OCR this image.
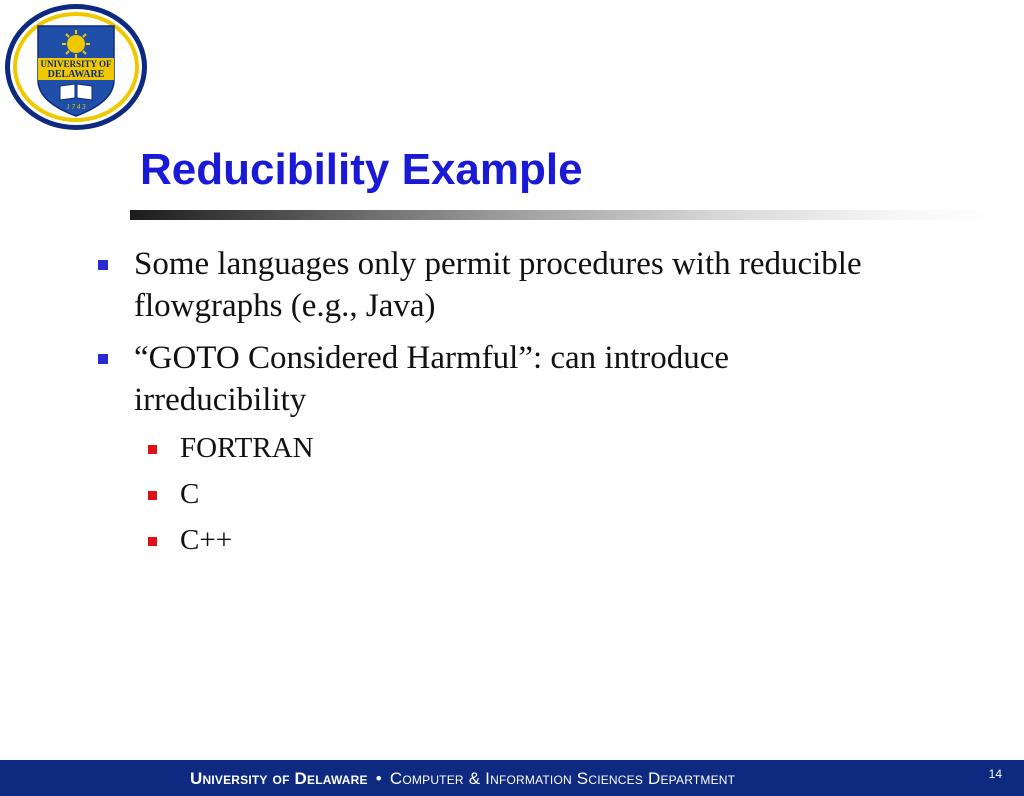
UNIVERSITY OF
DELAWARE
1 7 4 3
Reducibility Example
Some languages only permit procedures with reducible flowgraphs (e.g., Java)
“GOTO Considered Harmful”: can introduce irreducibility
FORTRAN
C
C++
University of Delaware • Computer & Information Sciences Department	14
